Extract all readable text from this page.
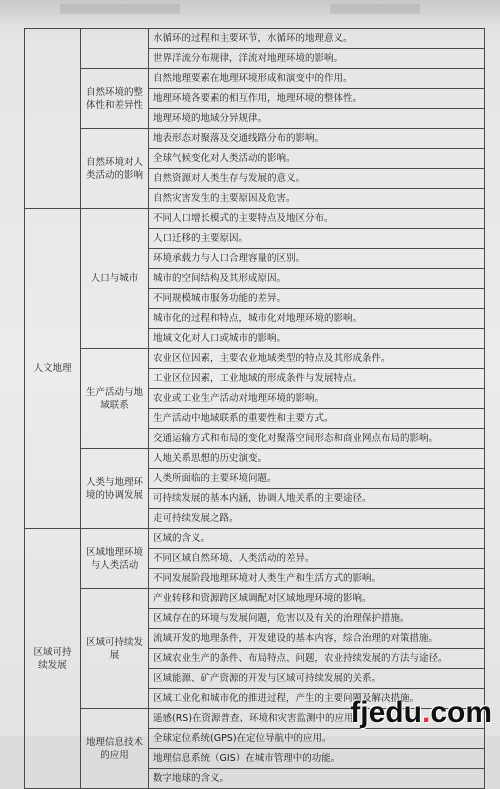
		水循环的过程和主要环节，水循环的地理意义。
		世界洋流分布规律，洋流对地理环境的影响。
	自然环境的整体性和差异性	自然地理要素在地理环境形成和演变中的作用。
		地理环境各要素的相互作用，地理环境的整体性。
		地理环境的地域分异规律。
	自然环境对人类活动的影响	地表形态对聚落及交通线路分布的影响。
		全球气候变化对人类活动的影响。
		自然资源对人类生存与发展的意义。
		自然灾害发生的主要原因及危害。
人文地理	人口与城市	不同人口增长模式的主要特点及地区分布。
		人口迁移的主要原因。
		环境承载力与人口合理容量的区别。
		城市的空间结构及其形成原因。
		不同规模城市服务功能的差异。
		城市化的过程和特点，城市化对地理环境的影响。
		地域文化对人口或城市的影响。
	生产活动与地域联系	农业区位因素，主要农业地域类型的特点及其形成条件。
		工业区位因素，工业地域的形成条件与发展特点。
		农业或工业生产活动对地理环境的影响。
		生产活动中地域联系的重要性和主要方式。
		交通运输方式和布局的变化对聚落空间形态和商业网点布局的影响。
	人类与地理环境的协调发展	人地关系思想的历史演变。
		人类所面临的主要环境问题。
		可持续发展的基本内涵，协调人地关系的主要途径。
		走可持续发展之路。
区域可持续发展	区域地理环境与人类活动	区域的含义。
		不同区域自然环境、人类活动的差异。
		不同发展阶段地理环境对人类生产和生活方式的影响。
	区域可持续发展	产业转移和资源跨区域调配对区域地理环境的影响。
		区域存在的环境与发展问题，危害以及有关的治理保护措施。
		流域开发的地理条件，开发建设的基本内容，综合治理的对策措施。
		区域农业生产的条件、布局特点、问题，农业持续发展的方法与途径。
		区域能源、矿产资源的开发与区域可持续发展的关系。
		区域工业化和城市化的推进过程，产生的主要问题及解决措施。
	地理信息技术的应用	遥感(RS)在资源普查、环境和灾害监测中的应用。
		全球定位系统(GPS)在定位导航中的应用。
		地理信息系统（GIS）在城市管理中的功能。
		数字地球的含义。
fjedu.com
